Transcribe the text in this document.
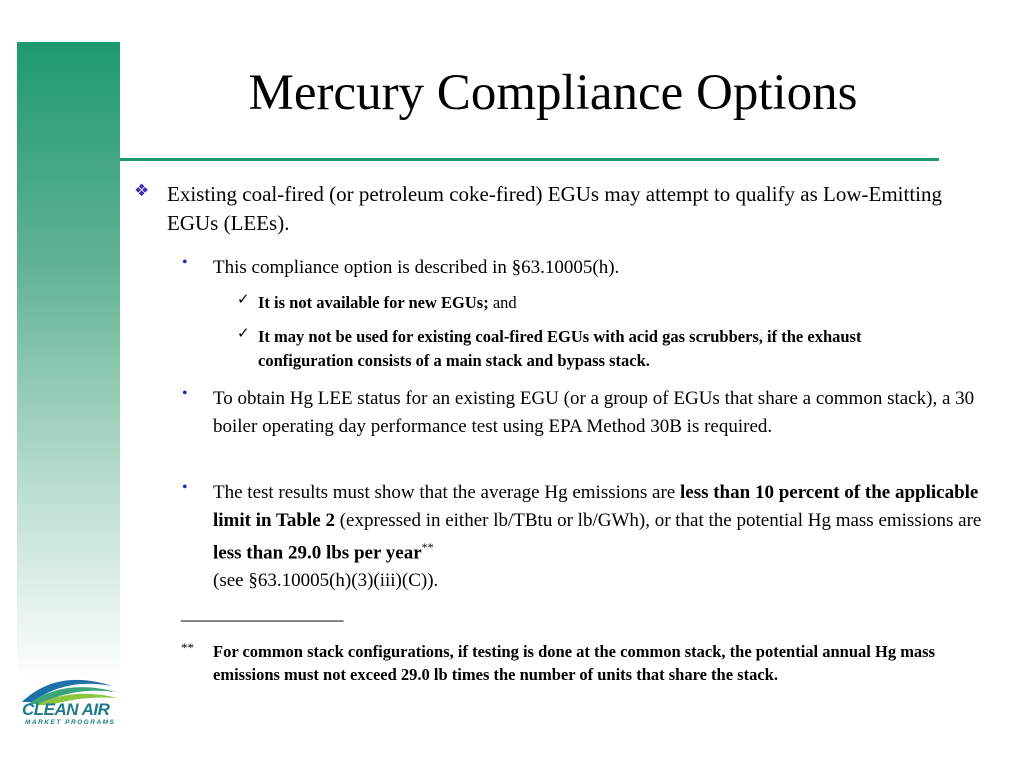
Mercury Compliance Options
❖ Existing coal-fired (or petroleum coke-fired) EGUs may attempt to qualify as Low-Emitting EGUs (LEEs).
• This compliance option is described in §63.10005(h).
✓ It is not available for new EGUs; and
✓ It may not be used for existing coal-fired EGUs with acid gas scrubbers, if the exhaust configuration consists of a main stack and bypass stack.
• To obtain Hg LEE status for an existing EGU (or a group of EGUs that share a common stack), a 30 boiler operating day performance test using EPA Method 30B is required.
• The test results must show that the average Hg emissions are less than 10 percent of the applicable limit in Table 2 (expressed in either lb/TBtu or lb/GWh), or that the potential Hg mass emissions are less than 29.0 lbs per year**
(see §63.10005(h)(3)(iii)(C)).
___________________
** For common stack configurations, if testing is done at the common stack, the potential annual Hg mass emissions must not exceed 29.0 lb times the number of units that share the stack.
CLEAN AIR
MARKET PROGRAMS
